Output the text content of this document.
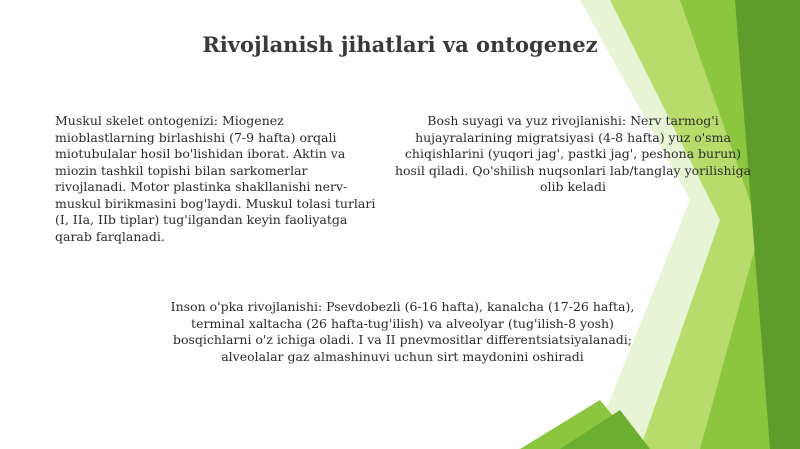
Rivojlanish jihatlari va ontogenez

Muskul skelet ontogenizi: Miogenez mioblastlarning birlashishi (7-9 hafta) orqali miotubulalar hosil bo'lishidan iborat. Aktin va miozin tashkil topishi bilan sarkomerlar rivojlanadi. Motor plastinka shakllanishi nerv-muskul birikmasini bog'laydi. Muskul tolasi turlari (I, IIa, IIb tiplar) tug'ilgandan keyin faoliyatga qarab farqlanadi.

Bosh suyagi va yuz rivojlanishi: Nerv tarmog'i hujayralarining migratsiyasi (4-8 hafta) yuz o'sma chiqishlarini (yuqori jag', pastki jag', peshona burun) hosil qiladi. Qo'shilish nuqsonlari lab/tanglay yorilishiga olib keladi

Inson o'pka rivojlanishi: Psevdobezli (6-16 hafta), kanalcha (17-26 hafta), terminal xaltacha (26 hafta-tug'ilish) va alveolyar (tug'ilish-8 yosh) bosqichlarni o'z ichiga oladi. I va II pnevmositlar differentsiatsiyalanadi; alveolalar gaz almashinuvi uchun sirt maydonini oshiradi
